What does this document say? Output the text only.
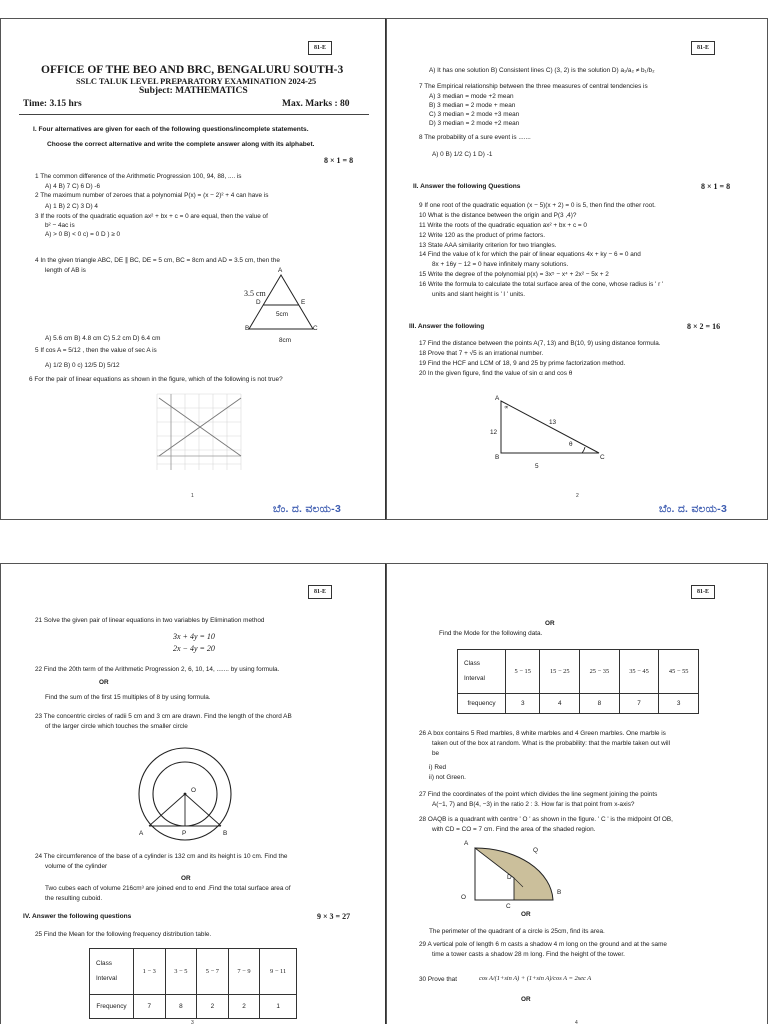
81-E
OFFICE OF THE BEO AND BRC, BENGALURU SOUTH-3
SSLC TALUK LEVEL PREPARATORY EXAMINATION 2024-25
Subject: MATHEMATICS
Time: 3.15 hrs	Max. Marks : 80
I. Four alternatives are given for each of the following questions/incomplete statements.
Choose the correct alternative and write the complete answer along with its alphabet.
8 × 1 = 8
1 The common difference of the Arithmetic Progression 100, 94, 88, .... is
A) 4 B) 7 C) 6 D) -6
2 The maximum number of zeroes that a polynomial P(x) = (x − 2)² + 4 can have is
A) 1 B) 2 C) 3 D) 4
3 If the roots of the quadratic equation ax² + bx + c = 0 are equal, then the value of
b² − 4ac is
A) > 0 B) < 0 c) = 0 D ) ≥ 0
4 In the given triangle ABC, DE ∥ BC, DE = 5 cm, BC = 8cm and AD = 3.5 cm, then the
length of AB is	A
3.5 cm
D	E
5cm
B	C
8cm
A) 5.6 cm B) 4.8 cm C) 5.2 cm D) 6.4 cm
5 If cos A = 5/12 , then the value of sec A is
A) 1/2 B) 0 c) 12/5 D) 5/12
6 For the pair of linear equations as shown in the figure, which of the following is not true?
1
ಬೆಂ. ದ. ವಲಯ-3
81-E
A) It has one solution B) Consistent lines C) (3, 2) is the solution D) a₁/a₂ ≠ b₁/b₂
7 The Empirical relationship between the three measures of central tendencies is
A) 3 median = mode +2 mean
B) 3 median = 2 mode + mean
C) 3 median = 2 mode +3 mean
D) 3 median = 2 mode +2 mean
8 The probability of a sure event is .......
A) 0 B) 1/2 C) 1 D) -1
II. Answer the following Questions	8 × 1 = 8
9 If one root of the quadratic equation (x − 5)(x + 2) = 0 is 5, then find the other root.
10 What is the distance between the origin and P(3 ,4)?
11 Write the roots of the quadratic equation ax² + bx + c = 0
12 Write 120 as the product of prime factors.
13 State AAA similarity criterion for two triangles.
14 Find the value of k for which the pair of linear equations 4x + ky − 6 = 0 and
8x + 16y − 12 = 0 have infinitely many solutions.
15 Write the degree of the polynomial p(x) = 3x⁵ − x⁴ + 2x² − 5x + 2
16 Write the formula to calculate the total surface area of the cone, whose radius is ' r '
units and slant height is ' l ' units.
III. Answer the following	8 × 2 = 16
17 Find the distance between the points A(7, 13) and B(10, 9) using distance formula.
18 Prove that 7 + √5 is an irrational number.
19 Find the HCF and LCM of 18, 9 and 25 by prime factorization method.
20 In the given figure, find the value of sin α and cos θ
A
∝
13
12
θ
B	C
5
2
ಬೆಂ. ದ. ವಲಯ-3
81-E
21 Solve the given pair of linear equations in two variables by Elimination method
3x + 4y = 10
2x − 4y = 20
22 Find the 20th term of the Arithmetic Progression 2, 6, 10, 14, ....... by using formula.
OR
Find the sum of the first 15 multiples of 8 by using formula.
23 The concentric circles of radii 5 cm and 3 cm are drawn. Find the length of the chord AB
of the larger circle which touches the smaller circle
O
A	P	B
24 The circumference of the base of a cylinder is 132 cm and its height is 10 cm. Find the
volume of the cylinder
OR
Two cubes each of volume 216cm³ are joined end to end .Find the total surface area of
the resulting cuboid.
IV. Answer the following questions	9 × 3 = 27
25 Find the Mean for the following frequency distribution table.
Class
Interval	1 − 3	3 − 5	5 − 7	7 − 9	9 − 11
Frequency	7	8	2	2	1
3
81-E
OR
Find the Mode for the following data.
Class
Interval	5 − 15	15 − 25	25 − 35	35 − 45	45 − 55
frequency	3	4	8	7	3
26 A box contains 5 Red marbles, 8 white marbles and 4 Green marbles. One marble is
taken out of the box at random. What is the probability: that the marble taken out will
be
i) Red
ii) not Green.
27 Find the coordinates of the point which divides the line segment joining the points
A(−1, 7) and B(4, −3) in the ratio 2 : 3. How far is that point from x-axis?
28 OAQB is a quadrant with centre ' O ' as shown in the figure. ' C ' is the midpoint Of OB,
with CD = CO = 7 cm. Find the area of the shaded region.
A
Q
D
O
B
C
OR
The perimeter of the quadrant of a circle is 25cm, find its area.
29 A vertical pole of length 6 m casts a shadow 4 m long on the ground and at the same
time a tower casts a shadow 28 m long. Find the height of the tower.
30 Prove that	cos A/(1+sin A) + (1+sin A)/cos A = 2sec A
OR
4
